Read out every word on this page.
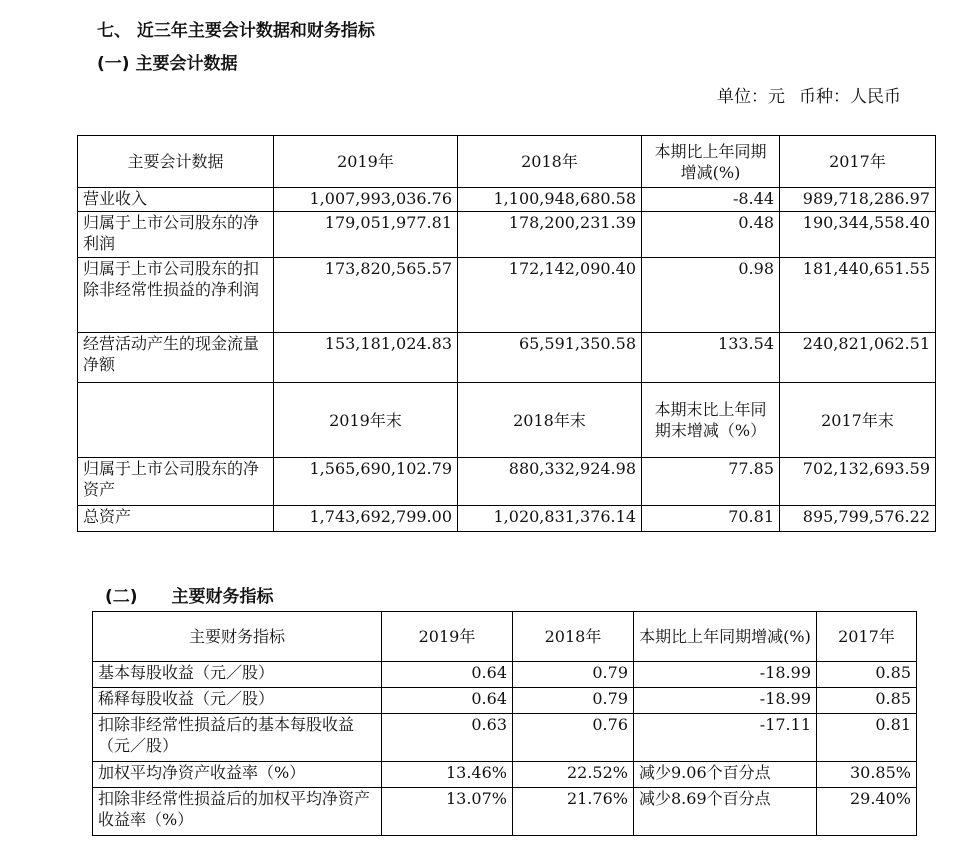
七、 近三年主要会计数据和财务指标
(一) 主要会计数据
单位：元 币种：人民币
主要会计数据	2019年	2018年	本期比上年同期增减(%)	2017年
营业收入	1,007,993,036.76	1,100,948,680.58	-8.44	989,718,286.97
归属于上市公司股东的净利润	179,051,977.81	178,200,231.39	0.48	190,344,558.40
归属于上市公司股东的扣除非经常性损益的净利润	173,820,565.57	172,142,090.40	0.98	181,440,651.55
经营活动产生的现金流量净额	153,181,024.83	65,591,350.58	133.54	240,821,062.51
	2019年末	2018年末	本期末比上年同期末增减（%）	2017年末
归属于上市公司股东的净资产	1,565,690,102.79	880,332,924.98	77.85	702,132,693.59
总资产	1,743,692,799.00	1,020,831,376.14	70.81	895,799,576.22
(二)　　主要财务指标
主要财务指标	2019年	2018年	本期比上年同期增减(%)	2017年
基本每股收益（元／股）	0.64	0.79	-18.99	0.85
稀释每股收益（元／股）	0.64	0.79	-18.99	0.85
扣除非经常性损益后的基本每股收益（元／股）	0.63	0.76	-17.11	0.81
加权平均净资产收益率（%）	13.46%	22.52%	减少9.06个百分点	30.85%
扣除非经常性损益后的加权平均净资产收益率（%）	13.07%	21.76%	减少8.69个百分点	29.40%
